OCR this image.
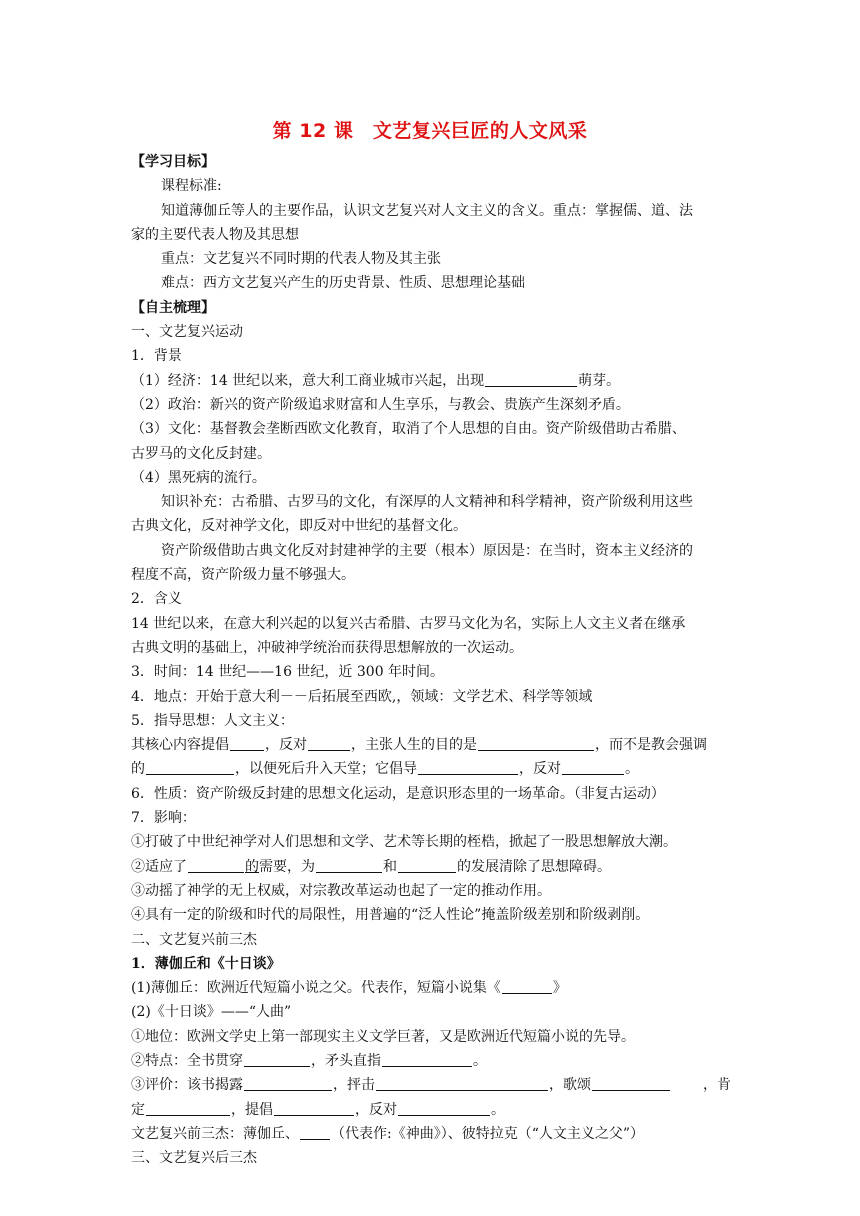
第 12 课　文艺复兴巨匠的人文风采
【学习目标】
课程标准:
知道薄伽丘等人的主要作品，认识文艺复兴对人文主义的含义。重点：掌握儒、道、法
家的主要代表人物及其思想
重点：文艺复兴不同时期的代表人物及其主张
难点：西方文艺复兴产生的历史背景、性质、思想理论基础
【自主梳理】
一、文艺复兴运动
1．背景
（1）经济：14 世纪以来，意大利工商业城市兴起，出现	萌芽。
（2）政治：新兴的资产阶级追求财富和人生享乐，与教会、贵族产生深刻矛盾。
（3）文化：基督教会垄断西欧文化教育，取消了个人思想的自由。资产阶级借助古希腊、
古罗马的文化反封建。
（4）黑死病的流行。
知识补充：古希腊、古罗马的文化，有深厚的人文精神和科学精神，资产阶级利用这些
古典文化，反对神学文化，即反对中世纪的基督文化。
资产阶级借助古典文化反对封建神学的主要（根本）原因是：在当时，资本主义经济的
程度不高，资产阶级力量不够强大。
2．含义
14 世纪以来，在意大利兴起的以复兴古希腊、古罗马文化为名，实际上人文主义者在继承
古典文明的基础上，冲破神学统治而获得思想解放的一次运动。
3．时间：14 世纪——16 世纪，近 300 年时间。
4．地点：开始于意大利－－后拓展至西欧,，领域：文学艺术、科学等领域
5．指导思想：人文主义：
其核心内容提倡	，反对	，主张人生的目的是	，而不是教会强调
的	，以便死后升入天堂；它倡导	，反对	。
6．性质：资产阶级反封建的思想文化运动，是意识形态里的一场革命。（非复古运动）
7．影响：
①打破了中世纪神学对人们思想和文学、艺术等长期的桎梏，掀起了一股思想解放大潮。
②适应了	的需要，为	和	的发展清除了思想障碍。
③动摇了神学的无上权威，对宗教改革运动也起了一定的推动作用。
④具有一定的阶级和时代的局限性，用普遍的“泛人性论”掩盖阶级差别和阶级剥削。
二、文艺复兴前三杰
1．薄伽丘和《十日谈》
(1)薄伽丘：欧洲近代短篇小说之父。代表作，短篇小说集《	》
(2)《十日谈》——“人曲”
①地位：欧洲文学史上第一部现实主义文学巨著，又是欧洲近代短篇小说的先导。
②特点：全书贯穿	，矛头直指	。
③评价：该书揭露	，抨击	，歌颂	，肯
定	，提倡	，反对	。
文艺复兴前三杰：薄伽丘、 （代表作:《神曲》）、彼特拉克（“人文主义之父”）
三、文艺复兴后三杰
